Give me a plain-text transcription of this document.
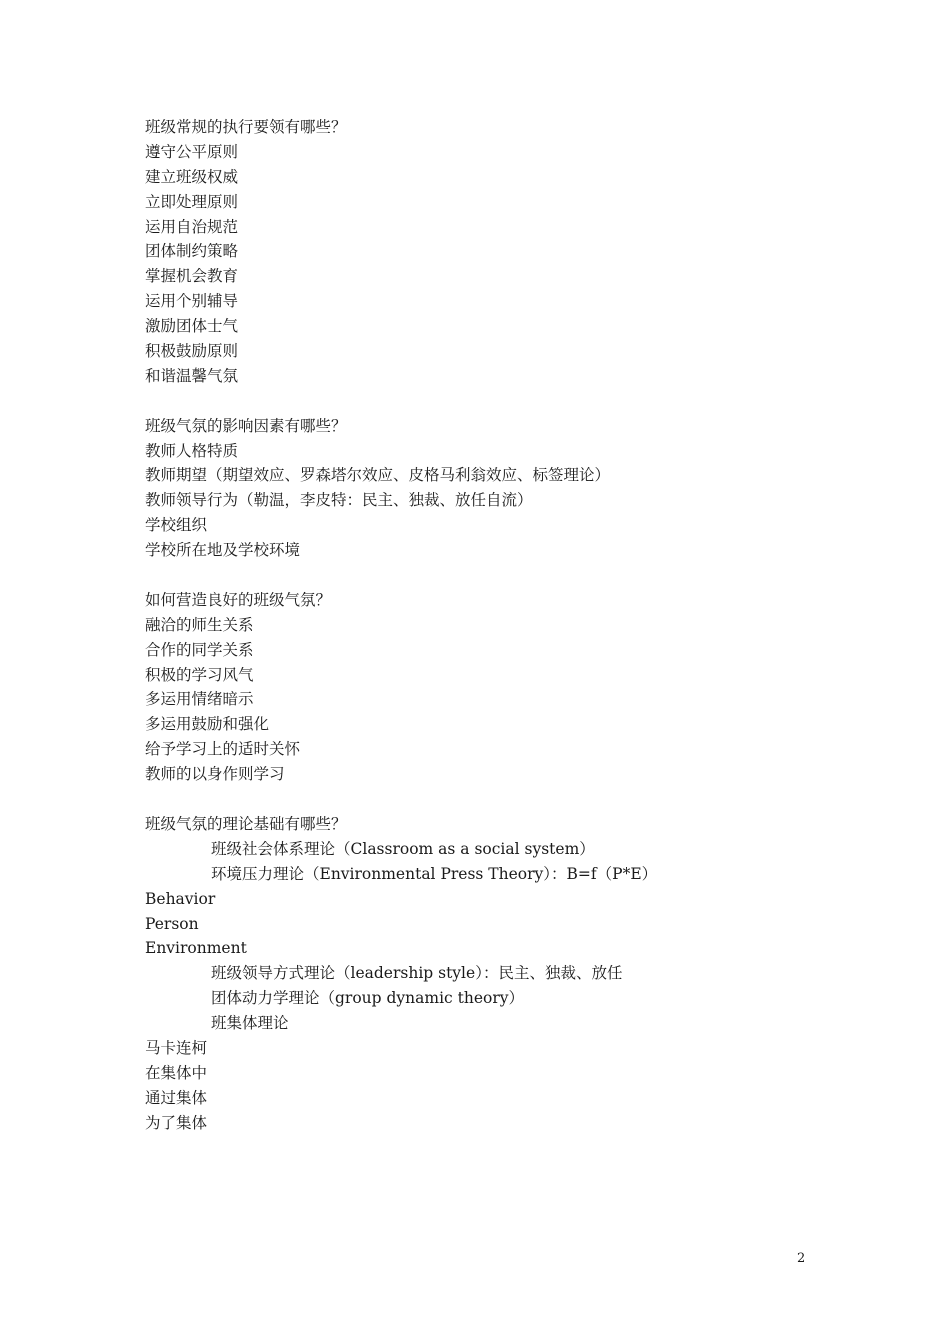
班级常规的执行要领有哪些？
遵守公平原则
建立班级权威
立即处理原则
运用自治规范
团体制约策略
掌握机会教育
运用个别辅导
激励团体士气
积极鼓励原则
和谐温馨气氛
班级气氛的影响因素有哪些？
教师人格特质
教师期望（期望效应、罗森塔尔效应、皮格马利翁效应、标签理论）
教师领导行为（勒温，李皮特：民主、独裁、放任自流）
学校组织
学校所在地及学校环境
如何营造良好的班级气氛？
融洽的师生关系
合作的同学关系
积极的学习风气
多运用情绪暗示
多运用鼓励和强化
给予学习上的适时关怀
教师的以身作则学习
班级气氛的理论基础有哪些？
班级社会体系理论（Classroom as a social system）
环境压力理论（Environmental Press Theory）：B=f（P*E）
Behavior
Person
Environment
班级领导方式理论（leadership style）：民主、独裁、放任
团体动力学理论（group dynamic theory）
班集体理论
马卡连柯
在集体中
通过集体
为了集体
2
